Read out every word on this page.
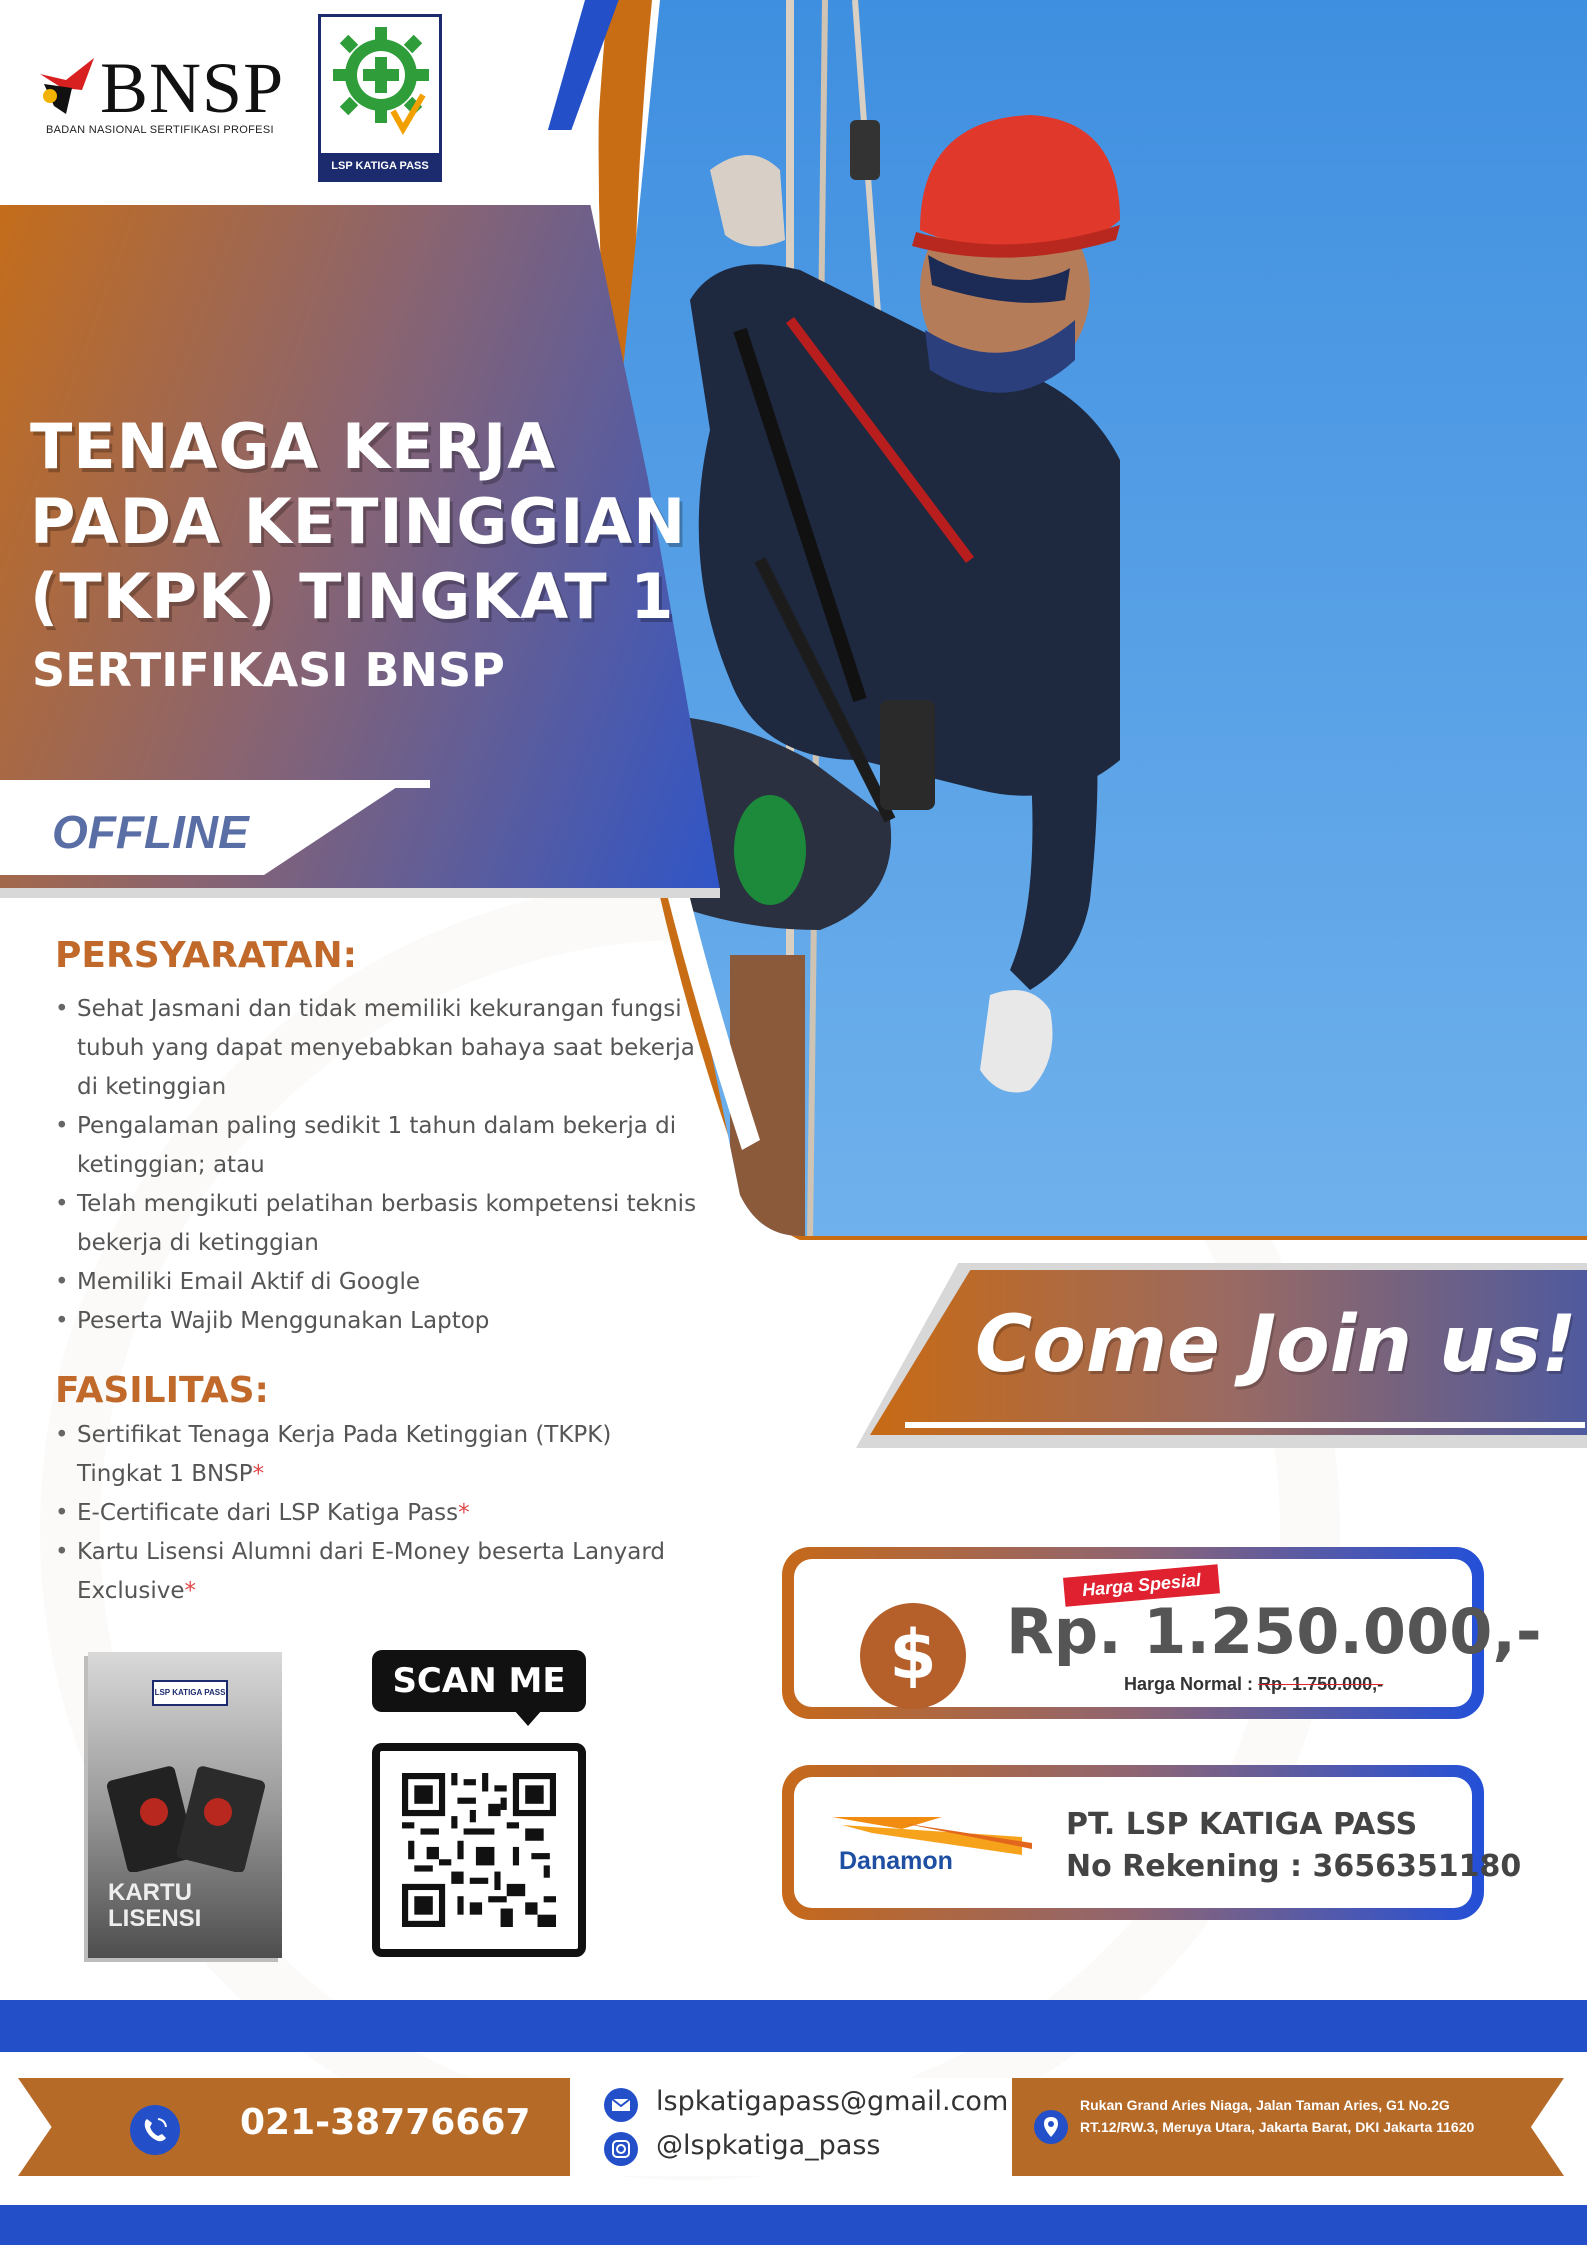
BNSP
BADAN NASIONAL SERTIFIKASI PROFESI
LSP KATIGA PASS
TENAGA KERJA
PADA KETINGGIAN
(TKPK) TINGKAT 1
SERTIFIKASI BNSP
OFFLINE
PERSYARATAN:
• Sehat Jasmani dan tidak memiliki kekurangan fungsi tubuh yang dapat menyebabkan bahaya saat bekerja di ketinggian
• Pengalaman paling sedikit 1 tahun dalam bekerja di ketinggian; atau
• Telah mengikuti pelatihan berbasis kompetensi teknis bekerja di ketinggian
• Memiliki Email Aktif di Google
• Peserta Wajib Menggunakan Laptop
FASILITAS:
• Sertifikat Tenaga Kerja Pada Ketinggian (TKPK) Tingkat 1 BNSP*
• E-Certificate dari LSP Katiga Pass*
• Kartu Lisensi Alumni dari E-Money beserta Lanyard Exclusive*
Come Join us!
$
Harga Spesial
Rp. 1.250.000,-
Harga Normal : Rp. 1.750.000,-
Danamon
PT. LSP KATIGA PASS
No Rekening : 3656351180
LSP KATIGA PASS
KARTU
LISENSI
SCAN ME
021-38776667
lspkatigapass@gmail.com
@lspkatiga_pass
Rukan Grand Aries Niaga, Jalan Taman Aries, G1 No.2G RT.12/RW.3, Meruya Utara, Jakarta Barat, DKI Jakarta 11620
